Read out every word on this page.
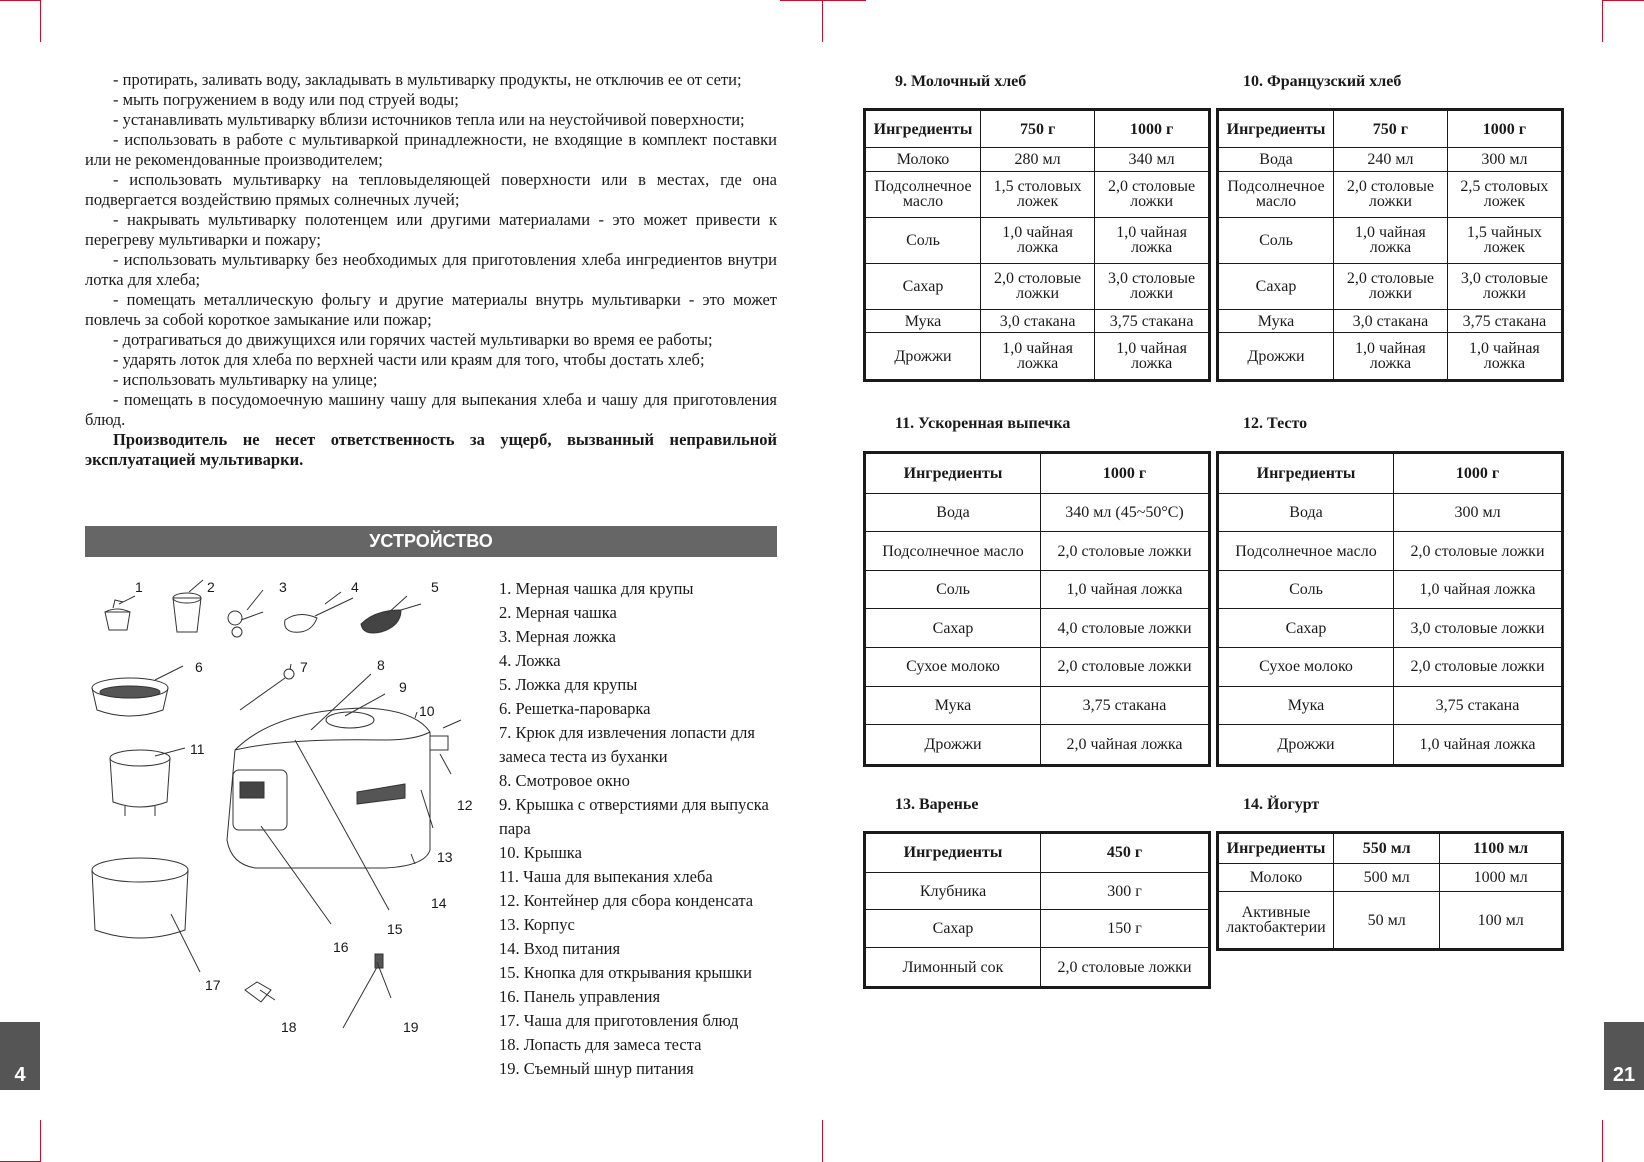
- протирать, заливать воду, закладывать в мультиварку продукты, не отключив ее от сети;

- мыть погружением в воду или под струей воды;

- устанавливать мультиварку вблизи источников тепла или на неустойчивой поверхности;

- использовать в работе с мультиваркой принадлежности, не входящие в комплект поставки или не рекомендованные производителем;

- использовать мультиварку на тепловыделяющей поверхности или в местах, где она подвергается воздействию прямых солнечных лучей;

- накрывать мультиварку полотенцем или другими материалами - это может привести к перегреву мультиварки и пожару;

- использовать мультиварку без необходимых для приготовления хлеба ингредиентов внутри лотка для хлеба;

- помещать металлическую фольгу и другие материалы внутрь мультиварки - это может повлечь за собой короткое замыкание или пожар;

- дотрагиваться до движущихся или горячих частей мультиварки во время ее работы;

- ударять лоток для хлеба по верхней части или краям для того, чтобы достать хлеб;

- использовать мультиварку на улице;

- помещать в посудомоечную машину чашу для выпекания хлеба и чашу для приготовления блюд.

Производитель не несет ответственность за ущерб, вызванный неправильной эксплуатацией мультиварки.

УСТРОЙСТВО
1	2	3	4	5
6	7	8
9
10
11
12
13
14
15
16
17
18	19
1. Мерная чашка для крупы
2. Мерная чашка
3. Мерная ложка
4. Ложка
5. Ложка для крупы
6. Решетка-пароварка
7. Крюк для извлечения лопасти для замеса теста из буханки
8. Смотровое окно
9. Крышка с отверстиями для выпуска пара
10. Крышка
11. Чаша для выпекания хлеба
12. Контейнер для сбора конденсата
13. Корпус
14. Вход питания
15. Кнопка для открывания крышки
16. Панель управления
17. Чаша для приготовления блюд
18. Лопасть для замеса теста
19. Съемный шнур питания
4	21
9. Молочный хлеб	10. Французский хлеб
11. Ускоренная выпечка	12. Тесто
13. Варенье	14. Йогурт
Ингредиенты	750 г	1000 г
Молоко	280 мл	340 мл
Подсолнечное масло	1,5 столовых ложек	2,0 столовые ложки
Соль	1,0 чайная ложка	1,0 чайная ложка
Сахар	2,0 столовые ложки	3,0 столовые ложки
Мука	3,0 стакана	3,75 стакана
Дрожжи	1,0 чайная ложка	1,0 чайная ложка
Ингредиенты	750 г	1000 г
Вода	240 мл	300 мл
Подсолнечное масло	2,0 столовые ложки	2,5 столовых ложек
Соль	1,0 чайная ложка	1,5 чайных ложек
Сахар	2,0 столовые ложки	3,0 столовые ложки
Мука	3,0 стакана	3,75 стакана
Дрожжи	1,0 чайная ложка	1,0 чайная ложка
Ингредиенты	1000 г
Вода	340 мл (45~50°C)
Подсолнечное масло	2,0 столовые ложки
Соль	1,0 чайная ложка
Сахар	4,0 столовые ложки
Сухое молоко	2,0 столовые ложки
Мука	3,75 стакана
Дрожжи	2,0 чайная ложка
Ингредиенты	1000 г
Вода	300 мл
Подсолнечное масло	2,0 столовые ложки
Соль	1,0 чайная ложка
Сахар	3,0 столовые ложки
Сухое молоко	2,0 столовые ложки
Мука	3,75 стакана
Дрожжи	1,0 чайная ложка
Ингредиенты	450 г
Клубника	300 г
Сахар	150 г
Лимонный сок	2,0 столовые ложки
Ингредиенты	550 мл	1100 мл
Молоко	500 мл	1000 мл
Активные лактобактерии	50 мл	100 мл
